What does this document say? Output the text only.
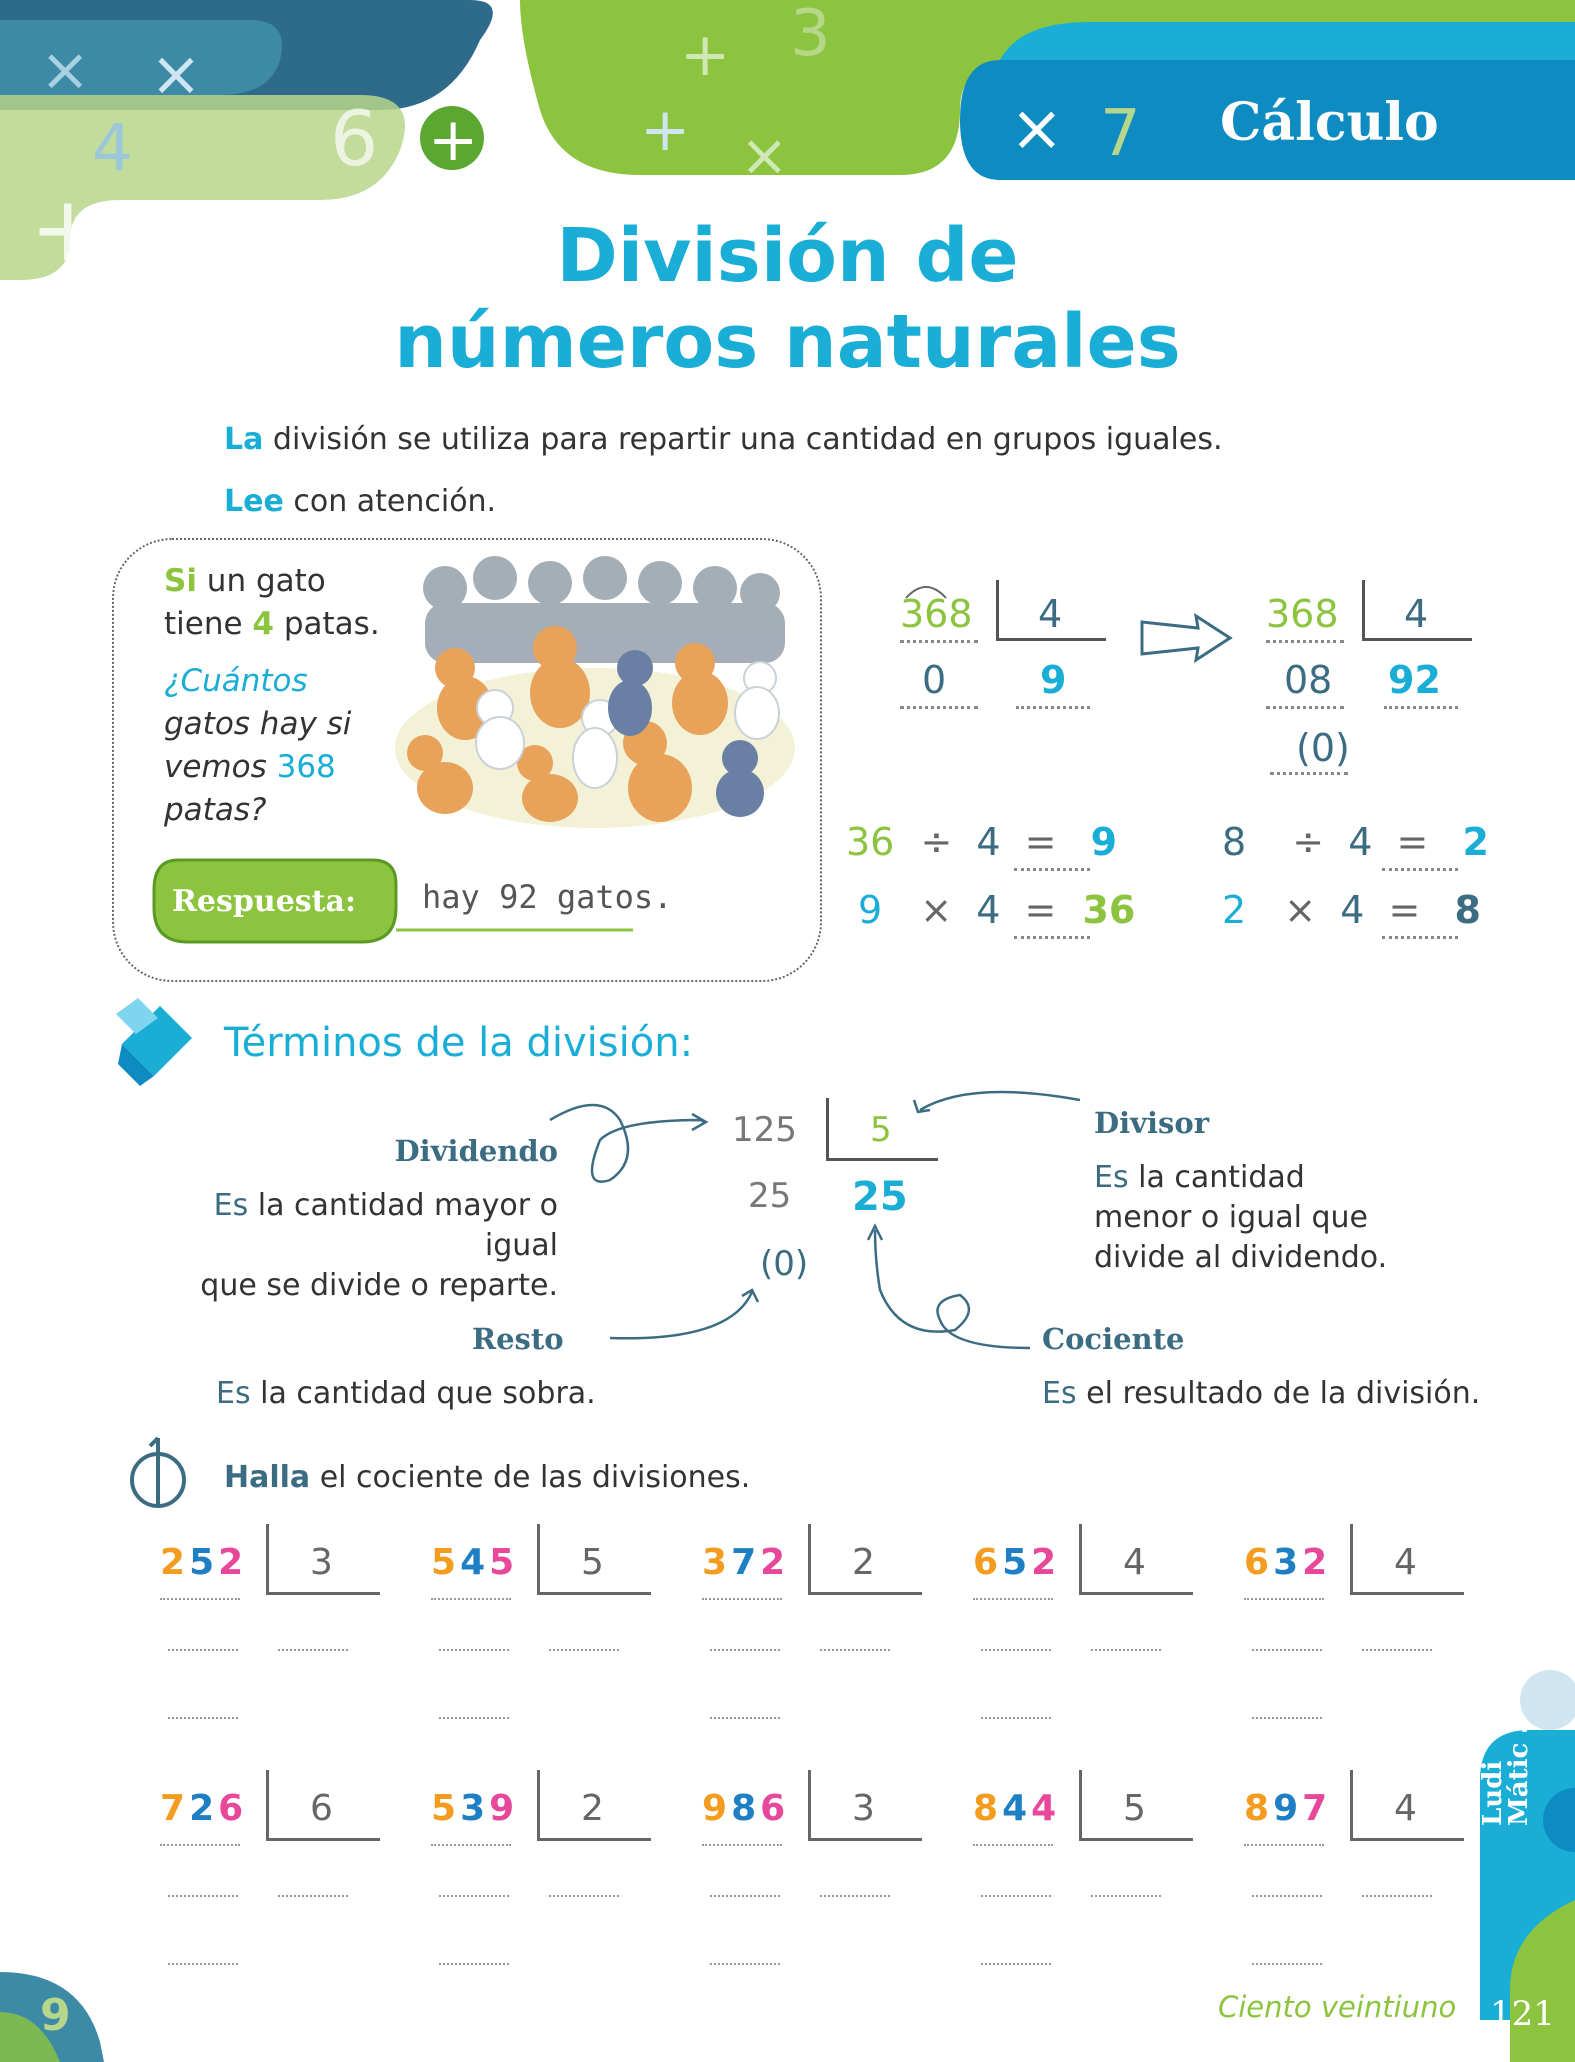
× ×
4	6
+
+	+ ×
3
+
× 7 Cálculo
División de
números naturales
La división se utiliza para repartir una cantidad en grupos iguales.
Lee con atención.
Si un gato
tiene 4 patas.
¿Cuántos
gatos hay si
vemos 368
patas?
Respuesta: hay 92 gatos.
368 4
0 9
368 4
08 92
(0)
36 ÷ 4 = 9
9 × 4 = 36
8 ÷ 4 = 2
2 × 4 = 8
Términos de la división:
125 5
25 25
(0)
Dividendo
Es la cantidad mayor o igual
que se divide o reparte.
Divisor
Es la cantidad
menor o igual que
divide al dividendo.
Resto
Es la cantidad que sobra.
Cociente
Es el resultado de la división.
Halla el cociente de las divisiones.
252 3	545 5	372 2	652 4	632 4
726 6	539 2	986 3	844 5	897 4 Ludi
Mátic 3
121
Ciento veintiuno
9
